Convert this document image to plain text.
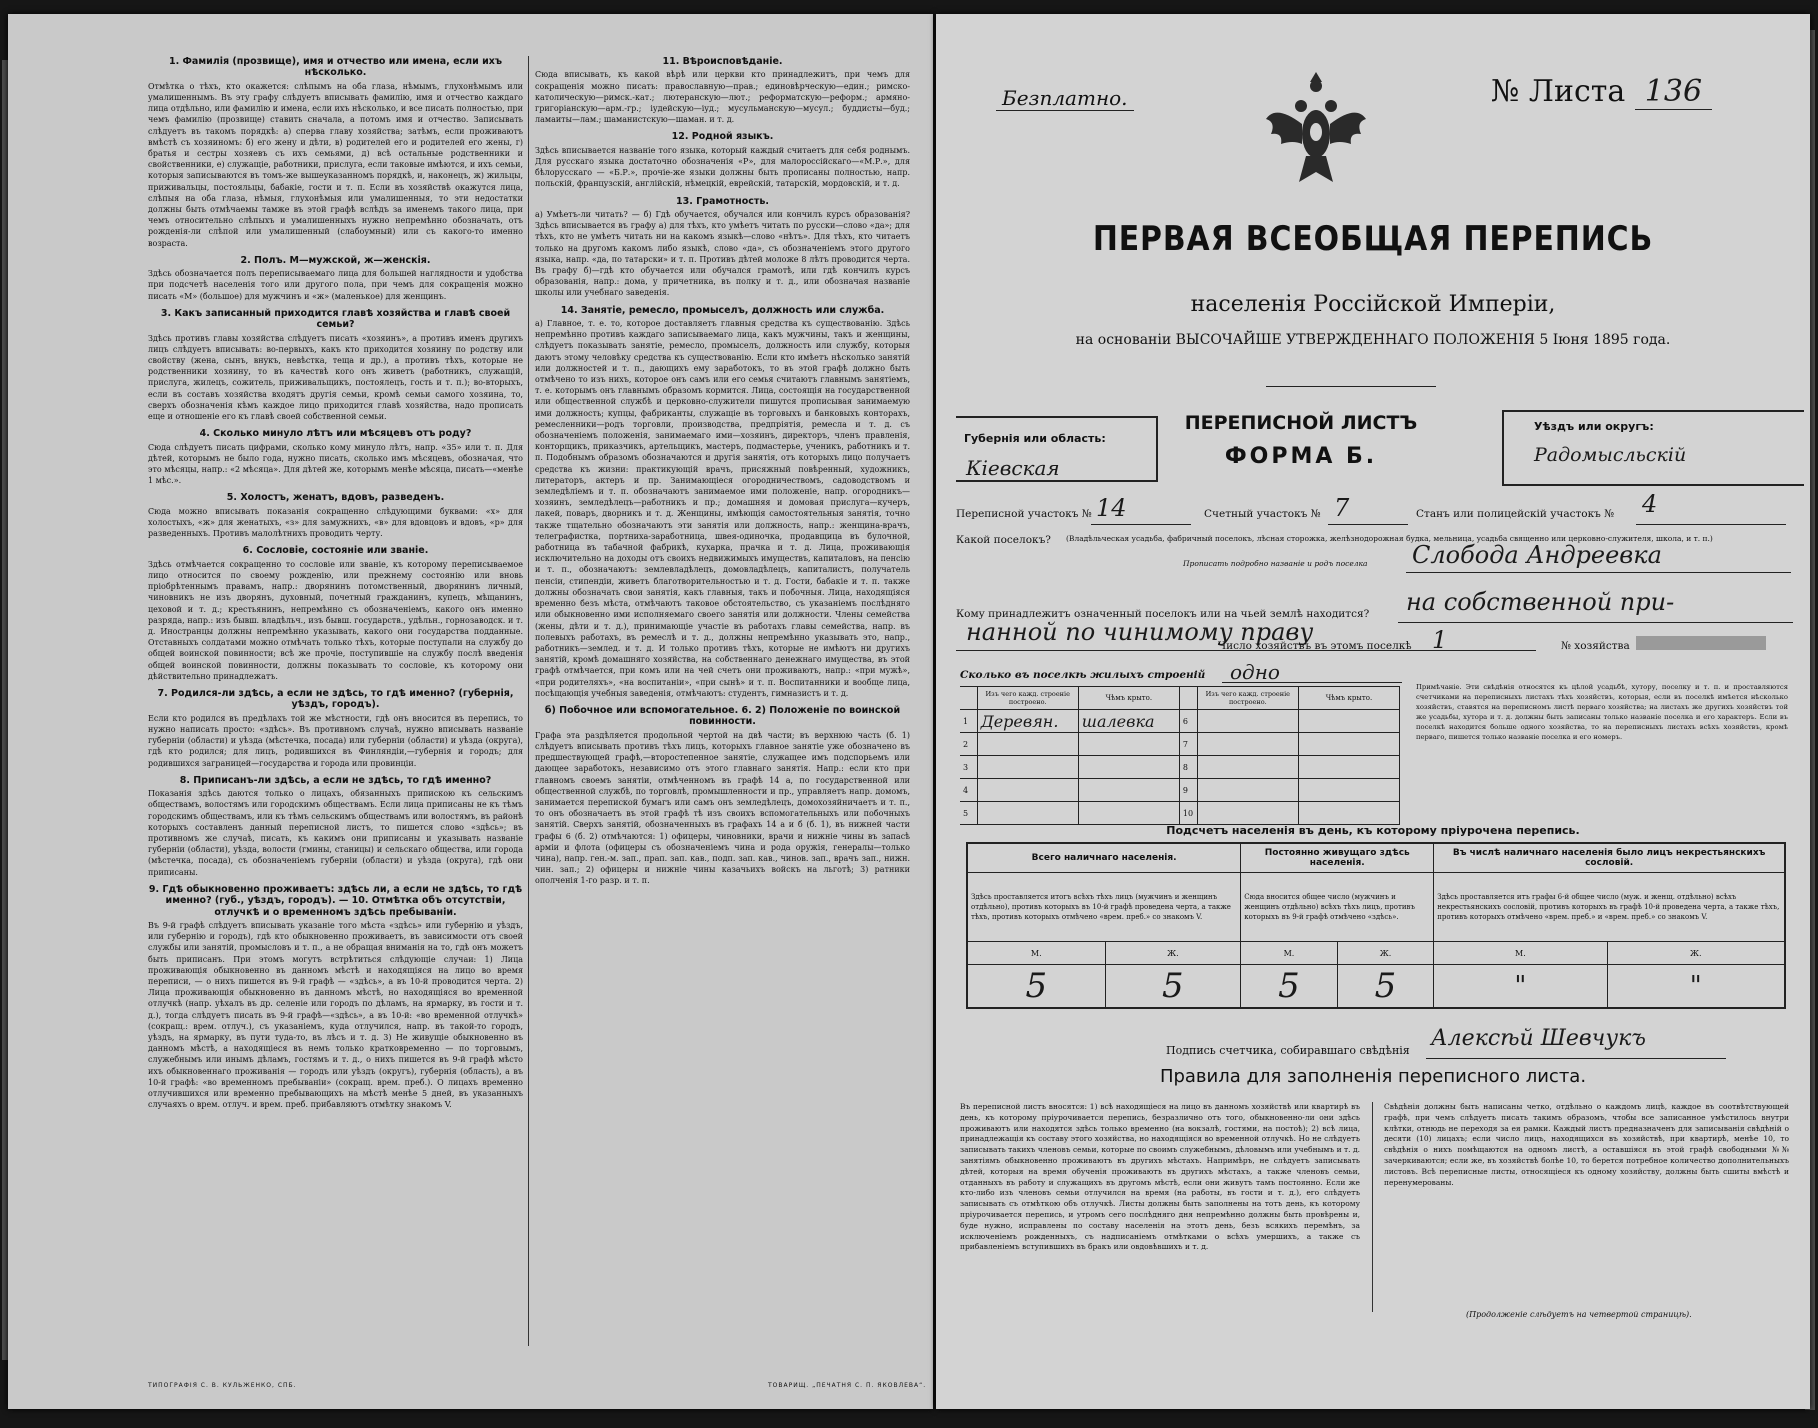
1. Фамилія (прозвище), имя и отчество или имена, если ихъ нѣсколько.

Отмѣтка о тѣхъ, кто окажется: слѣпымъ на оба глаза, нѣмымъ, глухонѣмымъ или умалишеннымъ. Въ эту графу слѣдуетъ вписывать фамилію, имя и отчество каждаго лица отдѣльно, или фамилію и имена, если ихъ нѣсколько, и все писать полностью, при чемъ фамилію (прозвище) ставить сначала, а потомъ имя и отчество. Записывать слѣдуетъ въ такомъ порядкѣ: а) сперва главу хозяйства; затѣмъ, если проживаютъ вмѣстѣ съ хозяиномъ: б) его жену и дѣти, в) родителей его и родителей его жены, г) братья и сестры хозяевъ съ ихъ семьями, д) всѣ остальные родственники и свойственники, е) служащіе, работники, прислуга, если таковые имѣются, и ихъ семьи, которыя записываются въ томъ-же вышеуказанномъ порядкѣ, и, наконецъ, ж) жильцы, приживальцы, постояльцы, бабакіе, гости и т. п. Если въ хозяйствѣ окажутся лица, слѣпыя на оба глаза, нѣмыя, глухонѣмыя или умалишенныя, то эти недостатки должны быть отмѣчаемы тамже въ этой графѣ вслѣдъ за именемъ такого лица, при чемъ относительно слѣпыхъ и умалишенныхъ нужно непремѣнно обозначать, отъ рожденія-ли слѣпой или умалишенный (слабоумный) или съ какого-то именно возраста.

2. Полъ. М—мужской, ж—женскія.

Здѣсь обозначается полъ переписываемаго лица для большей наглядности и удобства при подсчетѣ населенія того или другого пола, при чемъ для сокращенія можно писать «М» (большое) для мужчинъ и «ж» (маленькое) для женщинъ.

3. Какъ записанный приходится главѣ хозяйства и главѣ своей семьи?

Здѣсь противъ главы хозяйства слѣдуетъ писать «хозяинъ», а противъ именъ другихъ лицъ слѣдуетъ вписывать: во-первыхъ, какъ кто приходится хозяину по родству или свойству (жена, сынъ, внукъ, невѣстка, теща и др.), а противъ тѣхъ, которые не родственники хозяину, то въ качествѣ кого онъ живетъ (работникъ, служащій, прислуга, жилецъ, сожитель, приживальщикъ, постоялецъ, гость и т. п.); во-вторыхъ, если въ составъ хозяйства входятъ другія семьи, кромѣ семьи самого хозяина, то, сверхъ обозначенія кѣмъ каждое лицо приходится главѣ хозяйства, надо прописать еще и отношеніе его къ главѣ своей собственной семьи.

4. Сколько минуло лѣтъ или мѣсяцевъ отъ роду?

Сюда слѣдуетъ писать цифрами, сколько кому минуло лѣтъ, напр. «35» или т. п. Для дѣтей, которымъ не было года, нужно писать, сколько имъ мѣсяцевъ, обозначая, что это мѣсяцы, напр.: «2 мѣсяца». Для дѣтей же, которымъ менѣе мѣсяца, писать—«менѣе 1 мѣс.».

5. Холостъ, женатъ, вдовъ, разведенъ.

Сюда можно вписывать показанія сокращенно слѣдующими буквами: «х» для холостыхъ, «ж» для женатыхъ, «з» для замужнихъ, «в» для вдовцовъ и вдовъ, «р» для разведенныхъ. Противъ малолѣтнихъ проводить черту.

6. Сословіе, состояніе или званіе.

Здѣсь отмѣчается сокращенно то сословіе или званіе, къ которому переписываемое лицо относится по своему рожденію, или прежнему состоянію или вновь пріобрѣтеннымъ правамъ, напр.: дворянинъ потомственный, дворянинъ личный, чиновникъ не изъ дворянъ, духовный, почетный гражданинъ, купецъ, мѣщанинъ, цеховой и т. д.; крестьянинъ, непремѣнно съ обозначеніемъ, какого онъ именно разряда, напр.: изъ бывш. владѣльч., изъ бывш. государств., удѣльн., горнозаводск. и т. д. Иностранцы должны непремѣнно указывать, какого они государства подданные. Отставныхъ солдатами можно отмѣчать только тѣхъ, которые поступали на службу до общей воинской повинности; всѣ же прочіе, поступившіе на службу послѣ введенія общей воинской повинности, должны показывать то сословіе, къ которому они дѣйствительно принадлежатъ.

7. Родился-ли здѣсь, а если не здѣсь, то гдѣ именно? (губернія, уѣздъ, городъ).

Если кто родился въ предѣлахъ той же мѣстности, гдѣ онъ вносится въ перепись, то нужно написать просто: «здѣсь». Въ противномъ случаѣ, нужно вписывать названіе губерніи (области) и уѣзда (мѣстечка, посада) или губерніи (области) и уѣзда (округа), гдѣ кто родился; для лицъ, родившихся въ Финляндіи,—губернія и городъ; для родившихся заграницей—государства и города или провинціи.

8. Приписанъ-ли здѣсь, а если не здѣсь, то гдѣ именно?

Показанія здѣсь даются только о лицахъ, обязанныхъ припискою къ сельскимъ обществамъ, волостямъ или городскимъ обществамъ. Если лица приписаны не къ тѣмъ городскимъ обществамъ, или къ тѣмъ сельскимъ обществамъ или волостямъ, въ районѣ которыхъ составленъ данный переписной листъ, то пишется слово «здѣсь»; въ противномъ же случаѣ, писать, къ какимъ они приписаны и указывать названіе губерніи (области), уѣзда, волости (гмины, станицы) и сельскаго общества, или города (мѣстечка, посада), съ обозначеніемъ губерніи (области) и уѣзда (округа), гдѣ они приписаны.

9. Гдѣ обыкновенно проживаетъ: здѣсь ли, а если не здѣсь, то гдѣ именно? (губ., уѣздъ, городъ). — 10. Отмѣтка объ отсутствіи, отлучкѣ и о временномъ здѣсь пребываніи.

Въ 9-й графѣ слѣдуетъ вписывать указаніе того мѣста «здѣсь» или губернію и уѣздъ, или губернію и городъ), гдѣ кто обыкновенно проживаетъ, въ зависимости отъ своей службы или занятій, промысловъ и т. п., а не обращая вниманія на то, гдѣ онъ можетъ быть приписанъ. При этомъ могутъ встрѣтиться слѣдующіе случаи: 1) Лица проживающія обыкновенно въ данномъ мѣстѣ и находящіяся на лицо во время переписи, — о нихъ пишется въ 9-й графѣ — «здѣсь», а въ 10-й проводится черта. 2) Лица проживающія обыкновенно въ данномъ мѣстѣ, но находящіяся во временной отлучкѣ (напр. уѣхалъ въ др. селеніе или городъ по дѣламъ, на ярмарку, въ гости и т. д.), тогда слѣдуетъ писать въ 9-й графѣ—«здѣсь», а въ 10-й: «во временной отлучкѣ» (сокращ.: врем. отлуч.), съ указаніемъ, куда отлучился, напр. въ такой-то городъ, уѣздъ, на ярмарку, въ пути туда-то, въ лѣсъ и т. д. 3) Не живущіе обыкновенно въ данномъ мѣстѣ, а находящіеся въ немъ только кратковременно — по торговымъ, служебнымъ или инымъ дѣламъ, гостямъ и т. д., о нихъ пишется въ 9-й графѣ мѣсто ихъ обыкновеннаго проживанія — городъ или уѣздъ (округъ), губернія (область), а въ 10-й графѣ: «во временномъ пребываніи» (сокращ. врем. преб.). О лицахъ временно отлучившихся или временно пребывающихъ на мѣстѣ менѣе 5 дней, въ указанныхъ случаяхъ о врем. отлуч. и врем. преб. прибавляютъ отмѣтку знакомъ V.

11. Вѣроисповѣданіе.

Сюда вписывать, къ какой вѣрѣ или церкви кто принадлежитъ, при чемъ для сокращенія можно писать: православную—прав.; единовѣрческую—един.; римско-католическую—римск.-кат.; лютеранскую—лют.; реформатскую—реформ.; армяно-григоріанскую—арм.-гр.; іудейскую—іуд.; мусульманскую—мусул.; буддисты—буд.; ламаиты—лам.; шаманистскую—шаман. и т. д.

12. Родной языкъ.

Здѣсь вписывается названіе того языка, который каждый считаетъ для себя роднымъ. Для русскаго языка достаточно обозначенія «Р», для малороссійскаго—«М.Р.», для бѣлорусскаго — «Б.Р.», прочіе-же языки должны быть прописаны полностью, напр. польскій, французскій, англійскій, нѣмецкій, еврейскій, татарскій, мордовскій, и т. д.

13. Грамотность.

а) Умѣетъ-ли читать? — б) Гдѣ обучается, обучался или кончилъ курсъ образованія? Здѣсь вписывается въ графу а) для тѣхъ, кто умѣетъ читать по русски—слово «да»; для тѣхъ, кто не умѣетъ читать ни на какомъ языкѣ—слово «нѣтъ». Для тѣхъ, кто читаетъ только на другомъ какомъ либо языкѣ, слово «да», съ обозначеніемъ этого другого языка, напр. «да, по татарски» и т. п. Противъ дѣтей моложе 8 лѣтъ проводится черта. Въ графу б)—гдѣ кто обучается или обучался грамотѣ, или гдѣ кончилъ курсъ образованія, напр.: дома, у причетника, въ полку и т. д., или обозначая названіе школы или учебнаго заведенія.

14. Занятіе, ремесло, промыселъ, должность или служба.

а) Главное, т. е. то, которое доставляетъ главныя средства къ существованію. Здѣсь непремѣнно противъ каждаго записываемаго лица, какъ мужчины, такъ и женщины, слѣдуетъ показывать занятіе, ремесло, промыселъ, должность или службу, которыя даютъ этому человѣку средства къ существованію. Если кто имѣетъ нѣсколько занятій или должностей и т. п., дающихъ ему заработокъ, то въ этой графѣ должно быть отмѣчено то изъ нихъ, которое онъ самъ или его семья считаютъ главнымъ занятіемъ, т. е. которымъ онъ главнымъ образомъ кормится. Лица, состоящія на государственной или общественной службѣ и церковно-служители пишутся прописывая занимаемую ими должность; купцы, фабриканты, служащіе въ торговыхъ и банковыхъ конторахъ, ремесленники—родъ торговли, производства, предпріятія, ремесла и т. д. съ обозначеніемъ положенія, занимаемаго ими—хозяинъ, директоръ, членъ правленія, конторщикъ, приказчикъ, артельщикъ, мастеръ, подмастерье, ученикъ, работникъ и т. п. Подобнымъ образомъ обозначаются и другія занятія, отъ которыхъ лицо получаетъ средства къ жизни: практикующій врачъ, присяжный повѣренный, художникъ, литераторъ, актеръ и пр. Занимающіеся огородничествомъ, садоводствомъ и земледѣліемъ и т. п. обозначаютъ занимаемое ими положеніе, напр. огородникъ—хозяинъ, земледѣлецъ—работникъ и пр.; домашняя и домовая прислуга—кучеръ, лакей, поваръ, дворникъ и т. д. Женщины, имѣющія самостоятельныя занятія, точно также тщательно обозначаютъ эти занятія или должность, напр.: женщина-врачъ, телеграфистка, портниха-заработница, швея-одиночка, продавщица въ булочной, работница въ табачной фабрикѣ, кухарка, прачка и т. д. Лица, проживающія исключительно на доходы отъ своихъ недвижимыхъ имуществъ, капиталовъ, на пенсію и т. п., обозначаютъ: землевладѣлецъ, домовладѣлецъ, капиталистъ, получатель пенсіи, стипендіи, живетъ благотворительностью и т. д. Гости, бабакіе и т. п. также должны обозначать свои занятія, какъ главныя, такъ и побочныя. Лица, находящіяся временно безъ мѣста, отмѣчаютъ таковое обстоятельство, съ указаніемъ послѣдняго или обыкновенно ими исполняемаго своего занятія или должности. Члены семейства (жены, дѣти и т. д.), принимающіе участіе въ работахъ главы семейства, напр. въ полевыхъ работахъ, въ ремеслѣ и т. д., должны непремѣнно указывать это, напр., работникъ—землед. и т. д. И только противъ тѣхъ, которые не имѣютъ ни другихъ занятій, кромѣ домашняго хозяйства, на собственнаго денежнаго имущества, въ этой графѣ отмѣчается, при комъ или на чей счетъ они проживаютъ, напр.: «при мужѣ», «при родителяхъ», «на воспитаніи», «при сынѣ» и т. п. Воспитанники и вообще лица, посѣщающія учебныя заведенія, отмѣчаютъ: студентъ, гимназистъ и т. д.

б) Побочное или вспомогательное. 6. 2) Положеніе по воинской повинности.

Графа эта раздѣляется продольной чертой на двѣ части; въ верхнюю часть (б. 1) слѣдуетъ вписывать противъ тѣхъ лицъ, которыхъ главное занятіе уже обозначено въ предшествующей графѣ,—второстепенное занятіе, служащее имъ подспорьемъ или дающее заработокъ, независимо отъ этого главнаго занятія. Напр.: если кто при главномъ своемъ занятіи, отмѣченномъ въ графѣ 14 а, по государственной или общественной службѣ, по торговлѣ, промышленности и пр., управляетъ напр. домомъ, занимается перепиской бумагъ или самъ онъ земледѣлецъ, домохозяйничаетъ и т. п., то онъ обозначаетъ въ этой графѣ тѣ изъ своихъ вспомогательныхъ или побочныхъ занятій. Сверхъ занятій, обозначенныхъ въ графахъ 14 а и б (б. 1), въ нижней части графы 6 (б. 2) отмѣчаются: 1) офицеры, чиновники, врачи и нижніе чины въ запасѣ арміи и флота (офицеры съ обозначеніемъ чина и рода оружія, генералы—только чина), напр. ген.-м. зап., прап. зап. кав., подп. зап. кав., чинов. зап., врачъ зап., нижн. чин. зап.; 2) офицеры и нижніе чины казачьихъ войскъ на льготѣ; 3) ратники ополченія 1-го разр. и т. п.

ТИПОГРАФІЯ С. В. КУЛЬЖЕНКО, СПБ.	ТОВАРИЩ. „ПЕЧАТНЯ С. П. ЯКОВЛЕВА“.
Безплатно.	№ Листа 136
ПЕРВАЯ ВСЕОБЩАЯ ПЕРЕПИСЬ
населенія Россійской Имперіи,
на основаніи ВЫСОЧАЙШЕ УТВЕРЖДЕННАГО ПОЛОЖЕНІЯ 5 Іюня 1895 года.
Губернія или область:
Кіевская
ПЕРЕПИСНОЙ ЛИСТЪ
ФОРМА Б.
Уѣздъ или округъ:
Радомысльскій
Переписной участокъ № 14	Счетный участокъ № 7	Станъ или полицейскій участокъ № 4
Какой поселокъ? (Владѣльческая усадьба, фабричный поселокъ, лѣсная сторожка, желѣзнодорожная будка, мельница, усадьба священно или церковно-служителя, школа, и т. п.)
Прописать подробно названіе и родъ поселка Слобода Андреевка
Кому принадлежитъ означенный поселокъ или на чьей землѣ находится? на собственной при-
нанной по чинимому праву
Число хозяйствъ въ этомъ поселкѣ 1	№ хозяйства
Сколько въ поселкѣ жилыхъ строеній одно
	Изъ чего кажд. строеніе построено.	Чѣмъ крыто.		Изъ чего кажд. строеніе построено.	Чѣмъ крыто.
1	Деревян.	шалевка	6		
2			7		
3			8		
4			9		
5			10		
Примѣчаніе. Эти свѣдѣнія относятся къ цѣлой усадьбѣ, хутору, поселку и т. п. и проставляются счетчиками на переписныхъ листахъ тѣхъ хозяйствъ, которыя, если въ поселкѣ имѣется нѣсколько хозяйствъ, ставятся на переписномъ листѣ перваго хозяйства; на листахъ же другихъ хозяйствъ той же усадьбы, хутора и т. д. должны быть записаны только названіе поселка и его характеръ. Если въ поселкѣ находится больше одного хозяйства, то на переписныхъ листахъ всѣхъ хозяйствъ, кромѣ перваго, пишется только названіе поселка и его номеръ.
Подсчетъ населенія въ день, къ которому пріурочена перепись.
Всего наличнаго населенія.		Постоянно живущаго здѣсь населенія.		Въ числѣ наличнаго населенія было лицъ некрестьянскихъ сословій.	
Здѣсь проставляется итогъ всѣхъ тѣхъ лицъ (мужчинъ и женщинъ отдѣльно), противъ которыхъ въ 10-й графѣ проведена черта, а также тѣхъ, противъ которыхъ отмѣчено «врем. преб.» со знакомъ V.		Сюда вносится общее число (мужчинъ и женщинъ отдѣльно) всѣхъ тѣхъ лицъ, противъ которыхъ въ 9-й графѣ отмѣчено «здѣсь».		Здѣсь проставляется итъ графы 6-й общее число (муж. и женщ. отдѣльно) всѣхъ некрестьянскихъ сословій, противъ которыхъ въ графѣ 10-й проведена черта, а также тѣхъ, противъ которыхъ отмѣчено «врем. преб.» и «врем. преб.» со знакомъ V.	
М.	Ж.	М.	Ж.	М.	Ж.
5	5	5	5	"	"
Подпись счетчика, собиравшаго свѣдѣнія Алексѣй Шевчукъ
Правила для заполненія переписного листа.
Въ переписной листъ вносятся: 1) всѣ находящіеся на лицо въ данномъ хозяйствѣ или квартирѣ въ день, къ которому пріурочивается перепись, безразлично отъ того, обыкновенно-ли они здѣсь проживаютъ или находятся здѣсь только временно (на вокзалѣ, гостями, на постоѣ); 2) всѣ лица, принадлежащія къ составу этого хозяйства, но находящіяся во временной отлучкѣ. Но не слѣдуетъ записывать такихъ членовъ семьи, которые по своимъ служебнымъ, дѣловымъ или учебнымъ и т. д. занятіямъ обыкновенно проживаютъ въ другихъ мѣстахъ. Напримѣръ, не слѣдуетъ записывать дѣтей, которыя на время обученія проживаютъ въ другихъ мѣстахъ, а также членовъ семьи, отданныхъ въ работу и служащихъ въ другомъ мѣстѣ, если они живутъ тамъ постоянно. Если же кто-либо изъ членовъ семьи отлучился на время (на работы, въ гости и т. д.), его слѣдуетъ записывать съ отмѣткою объ отлучкѣ. Листы должны быть заполнены на тотъ день, къ которому пріурочивается перепись, и утромъ сего послѣдняго дня непремѣнно должны быть провѣрены и, буде нужно, исправлены по составу населенія на этотъ день, безъ всякихъ перемѣнъ, за исключеніемъ рожденныхъ, съ надписаніемъ отмѣтками о всѣхъ умершихъ, а также съ прибавленіемъ вступившихъ въ бракъ или овдовѣвшихъ и т. д.
Свѣдѣнія должны быть написаны четко, отдѣльно о каждомъ лицѣ, каждое въ соотвѣтствующей графѣ, при чемъ слѣдуетъ писать такимъ образомъ, чтобы все записанное умѣстилось внутри клѣтки, отнюдь не переходя за ея рамки. Каждый листъ предназначенъ для записыванія свѣдѣній о десяти (10) лицахъ; если число лицъ, находящихся въ хозяйствѣ, при квартирѣ, менѣе 10, то свѣдѣнія о нихъ помѣщаются на одномъ листѣ, а оставшіяся въ этой графѣ свободными №№ зачеркиваются; если же, въ хозяйствѣ болѣе 10, то берется потребное количество дополнительныхъ листовъ. Всѣ переписные листы, относящіеся къ одному хозяйству, должны быть сшиты вмѣстѣ и перенумерованы.
(Продолженіе слѣдуетъ на четвертой страницѣ).
